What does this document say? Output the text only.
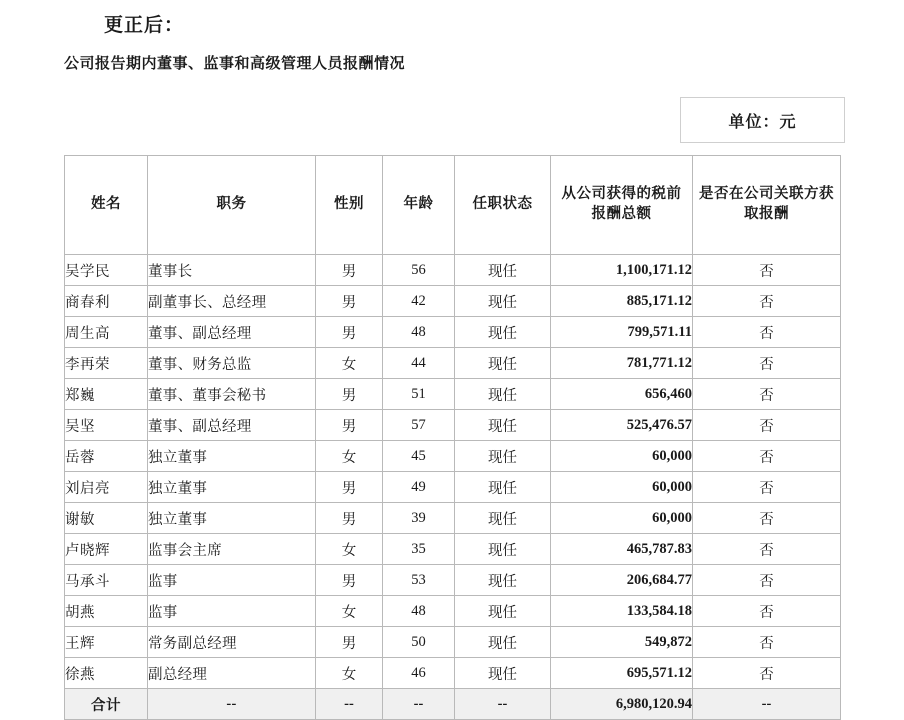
更正后：
公司报告期内董事、监事和高级管理人员报酬情况
单位：元
姓名	职务	性别	年龄	任职状态	从公司获得的税前报酬总额	是否在公司关联方获取报酬
吴学民	董事长	男	56	现任	1,100,171.12	否
商春利	副董事长、总经理	男	42	现任	885,171.12	否
周生高	董事、副总经理	男	48	现任	799,571.11	否
李再荣	董事、财务总监	女	44	现任	781,771.12	否
郑巍	董事、董事会秘书	男	51	现任	656,460	否
吴坚	董事、副总经理	男	57	现任	525,476.57	否
岳蓉	独立董事	女	45	现任	60,000	否
刘启亮	独立董事	男	49	现任	60,000	否
谢敏	独立董事	男	39	现任	60,000	否
卢晓辉	监事会主席	女	35	现任	465,787.83	否
马承斗	监事	男	53	现任	206,684.77	否
胡燕	监事	女	48	现任	133,584.18	否
王辉	常务副总经理	男	50	现任	549,872	否
徐燕	副总经理	女	46	现任	695,571.12	否
合计	--	--	--	--	6,980,120.94	--
